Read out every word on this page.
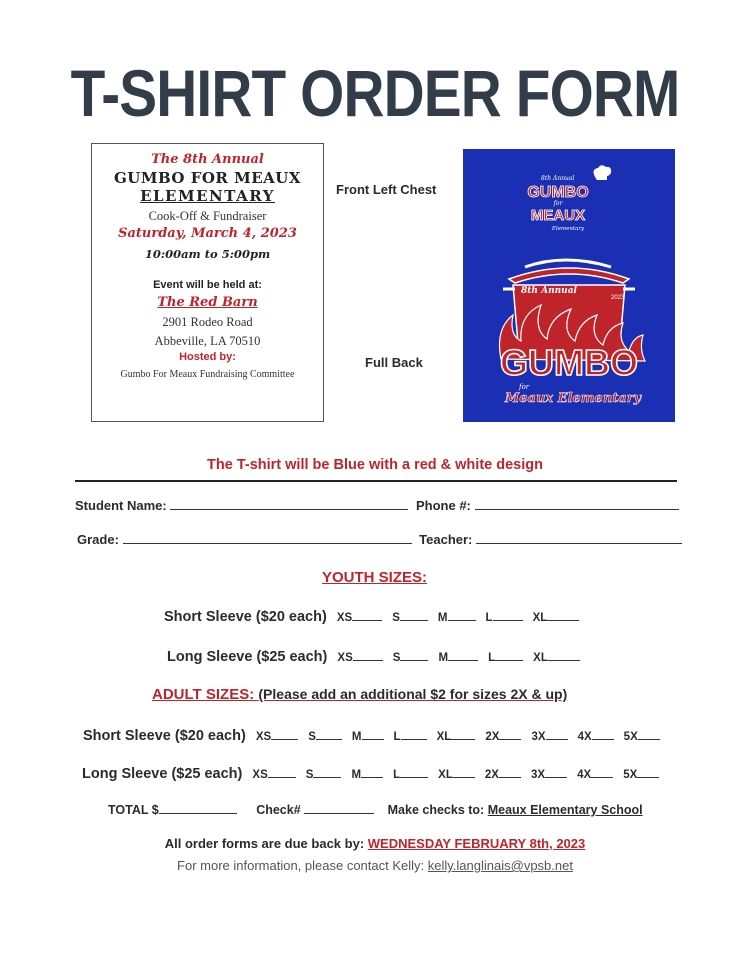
T-SHIRT ORDER FORM
The 8th Annual
GUMBO FOR MEAUX
ELEMENTARY
Cook-Off & Fundraiser
Saturday, March 4, 2023
10:00am to 5:00pm
Event will be held at:
The Red Barn
2901 Rodeo Road
Abbeville, LA 70510
Hosted by:
Gumbo For Meaux Fundraising Committee
Front Left Chest
Full Back
8th Annual
GUMBO
for
MEAUX
Elementary
8th Annual
2023
GUMBO
for
Meaux Elementary
The T-shirt will be Blue with a red & white design
Student Name:	Phone #:
Grade:	Teacher:
YOUTH SIZES:
Short Sleeve ($20 each) XS	S	M	L	XL
Long Sleeve ($25 each) XS	S	M	L	XL
ADULT SIZES: (Please add an additional $2 for sizes 2X & up)
Short Sleeve ($20 each) XS	S	M	L	XL	2X	3X	4X	5X
Long Sleeve ($25 each) XS	S	M	L	XL	2X	3X	4X	5X
TOTAL $	Check#	Make checks to: Meaux Elementary School
All order forms are due back by: WEDNESDAY FEBRUARY 8th, 2023
For more information, please contact Kelly: kelly.langlinais@vpsb.net
